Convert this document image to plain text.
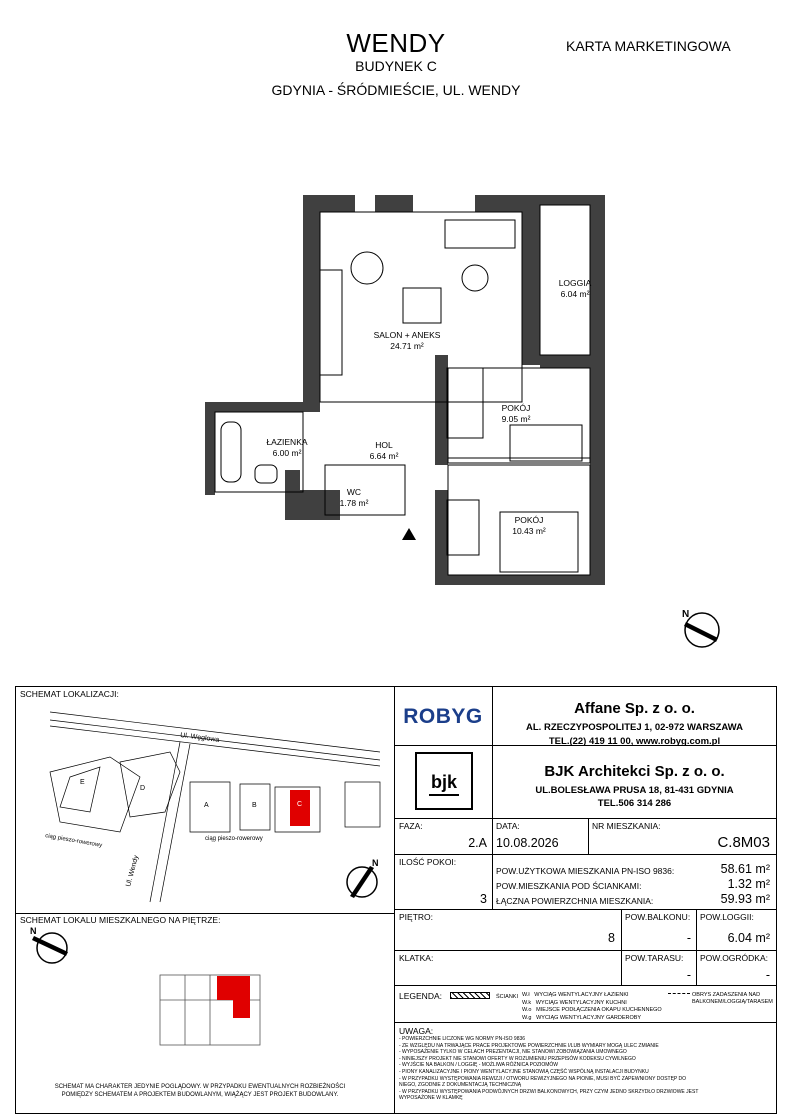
WENDY
BUDYNEK C
GDYNIA - ŚRÓDMIEŚCIE, UL. WENDY
KARTA MARKETINGOWA
SALON + ANEKS
24.71 m²
LOGGIA
6.04 m²
POKÓJ
9.05 m²
ŁAZIENKA
6.00 m²
HOL
6.64 m²
WC
1.78 m²
POKÓJ
10.43 m²
N
SCHEMAT LOKALIZACJI:
E
D
A	B	C
Ul. Węglowa
Ul. Wendy
ciąg pieszo-rowerowy	ciąg pieszo-rowerowy
N
SCHEMAT LOKALU MIESZKALNEGO NA PIĘTRZE:
N
SCHEMAT MA CHARAKTER JEDYNIE POGLĄDOWY. W PRZYPADKU EWENTUALNYCH ROZBIEŻNOŚCI POMIĘDZY SCHEMATEM A PROJEKTEM BUDOWLANYM, WIĄŻĄCY JEST PROJEKT BUDOWLANY.
ROBYG	Affane Sp. z o. o.
AL. RZECZYPOSPOLITEJ 1, 02-972 WARSZAWA
TEL.(22) 419 11 00, www.robyg.com.pl
bjk
BJK Architekci Sp. z o. o.
UL.BOLESŁAWA PRUSA 18, 81-431 GDYNIA
TEL.506 314 286
FAZA:
2.A
DATA:
10.08.2026
NR MIESZKANIA:
C.8M03
ILOŚĆ POKOI:
3
POW.UŻYTKOWA MIESZKANIA PN-ISO 9836:	58.61 m²
POW.MIESZKANIA POD ŚCIANKAMI:	1.32 m²
ŁĄCZNA POWIERZCHNIA MIESZKANIA:	59.93 m²
PIĘTRO:
8
POW.BALKONU:
-
POW.LOGGII:
6.04 m²
KLATKA:	POW.TARASU:
-
POW.OGRÓDKA:
-
LEGENDA:	ŚCIANKI W.ł WYCIĄG WENTYLACYJNY ŁAZIENKI
W.k WYCIĄG WENTYLACYJNY KUCHNI
W.o MIEJSCE PODŁĄCZENIA OKAPU KUCHENNEGO
W.g WYCIĄG WENTYLACYJNY GARDEROBY
OBRYS ZADASZENIA NAD BALKONEM/LOGGIĄ/TARASEM
UWAGA:
- POWIERZCHNIE LICZONE WG NORMY PN-ISO 9836
- ZE WZGLĘDU NA TRWAJĄCE PRACE PROJEKTOWE POWIERZCHNIE I/LUB WYMIARY MOGĄ ULEC ZMIANIE
- WYPOSAŻENIE TYLKO W CELACH PREZENTACJI, NIE STANOWI ZOBOWIĄZANIA UMOWNEGO
- NINIEJSZY PROJEKT NIE STANOWI OFERTY W ROZUMIENIU PRZEPISÓW KODEKSU CYWILNEGO
- WYJŚCIE NA BALKON / LOGGIĘ - MOŻLIWA RÓŻNICA POZIOMÓW
- PIONY KANALIZACYJNE I PIONY WENTYLACYJNE STANOWIĄ CZĘŚĆ WSPÓLNĄ INSTALACJI BUDYNKU
- W PRZYPADKU WYSTĘPOWANIA REWIZJI / OTWORU REWIZYJNEGO NA PIONIE, MUSI BYĆ ZAPEWNIONY DOSTĘP DO NIEGO, ZGODNIE Z DOKUMENTACJĄ TECHNICZNĄ
- W PRZYPADKU WYSTĘPOWANIA PODWÓJNYCH DRZWI BALKONOWYCH, PRZY CZYM JEDNO SKRZYDŁO DRZWIOWE JEST WYPOSAŻONE W KLAMKĘ
